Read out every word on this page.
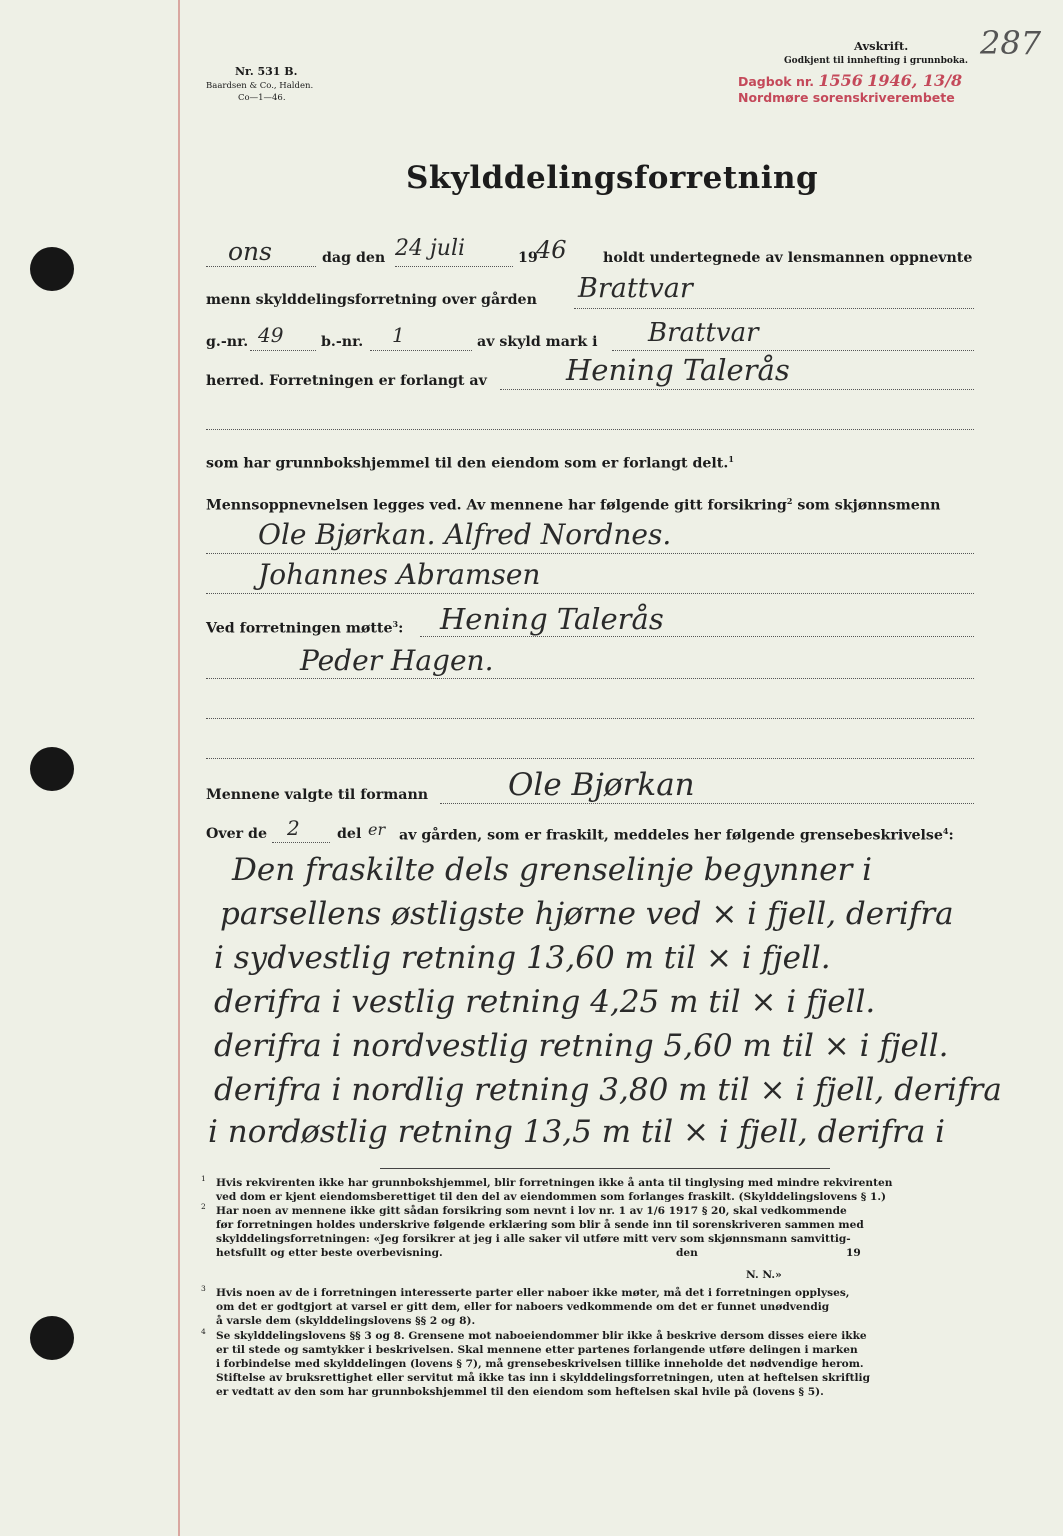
Nr. 531 B.
Baardsen & Co., Halden.
Co—1—46.
Avskrift.
Godkjent til innhefting i grunnboka. 287
Dagbok nr. 1556 1946, 13/8
Nordmøre sorenskriverembete
Skylddelingsforretning
ons	dag den 24 juli	19
46	holdt undertegnede av lensmannen oppnevnte
menn skylddelingsforretning over gården Brattvar
g.-nr. 49	b.-nr. 1	av skyld mark i Brattvar
herred. Forretningen er forlangt av	Hening Talerås
som har grunnbokshjemmel til den eiendom som er forlangt delt.$^1$
Mennsoppnevnelsen legges ved. Av mennene har følgende gitt forsikring$^2$ som skjønnsmenn
Ole Bjørkan. Alfred Nordnes.
Johannes Abramsen
Ved forretningen møtte$^3$: Hening Talerås
Peder Hagen.
Mennene valgte til formann	Ole Bjørkan
Over de 2	del er av gården, som er fraskilt, meddeles her følgende grensebeskrivelse$^4$:
Den fraskilte dels grenselinje begynner i
parsellens østligste hjørne ved × i fjell, derifra
i sydvestlig retning 13,60 m til × i fjell.
derifra i vestlig retning 4,25 m til × i fjell.
derifra i nordvestlig retning 5,60 m til × i fjell.
derifra i nordlig retning 3,80 m til × i fjell, derifra
i nordøstlig retning 13,5 m til × i fjell, derifra i
1 Hvis rekvirenten ikke har grunnbokshjemmel, blir forretningen ikke å anta til tinglysing med mindre rekvirenten
ved dom er kjent eiendomsberettiget til den del av eiendommen som forlanges fraskilt. (Skylddelingslovens § 1.)
2 Har noen av mennene ikke gitt sådan forsikring som nevnt i lov nr. 1 av 1/6 1917 § 20, skal vedkommende
før forretningen holdes underskrive følgende erklæring som blir å sende inn til sorenskriveren sammen med
skylddelingsforretningen: «Jeg forsikrer at jeg i alle saker vil utføre mitt verv som skjønnsmann samvittig-
hetsfullt og etter beste overbevisning.	den	19
N. N.»
3 Hvis noen av de i forretningen interesserte parter eller naboer ikke møter, må det i forretningen opplyses,
om det er godtgjort at varsel er gitt dem, eller for naboers vedkommende om det er funnet unødvendig
å varsle dem (skylddelingslovens §§ 2 og 8).
4 Se skylddelingslovens §§ 3 og 8. Grensene mot naboeiendommer blir ikke å beskrive dersom disses eiere ikke
er til stede og samtykker i beskrivelsen. Skal mennene etter partenes forlangende utføre delingen i marken
i forbindelse med skylddelingen (lovens § 7), må grensebeskrivelsen tillike inneholde det nødvendige herom.
Stiftelse av bruksrettighet eller servitut må ikke tas inn i skylddelingsforretningen, uten at heftelsen skriftlig
er vedtatt av den som har grunnbokshjemmel til den eiendom som heftelsen skal hvile på (lovens § 5).
